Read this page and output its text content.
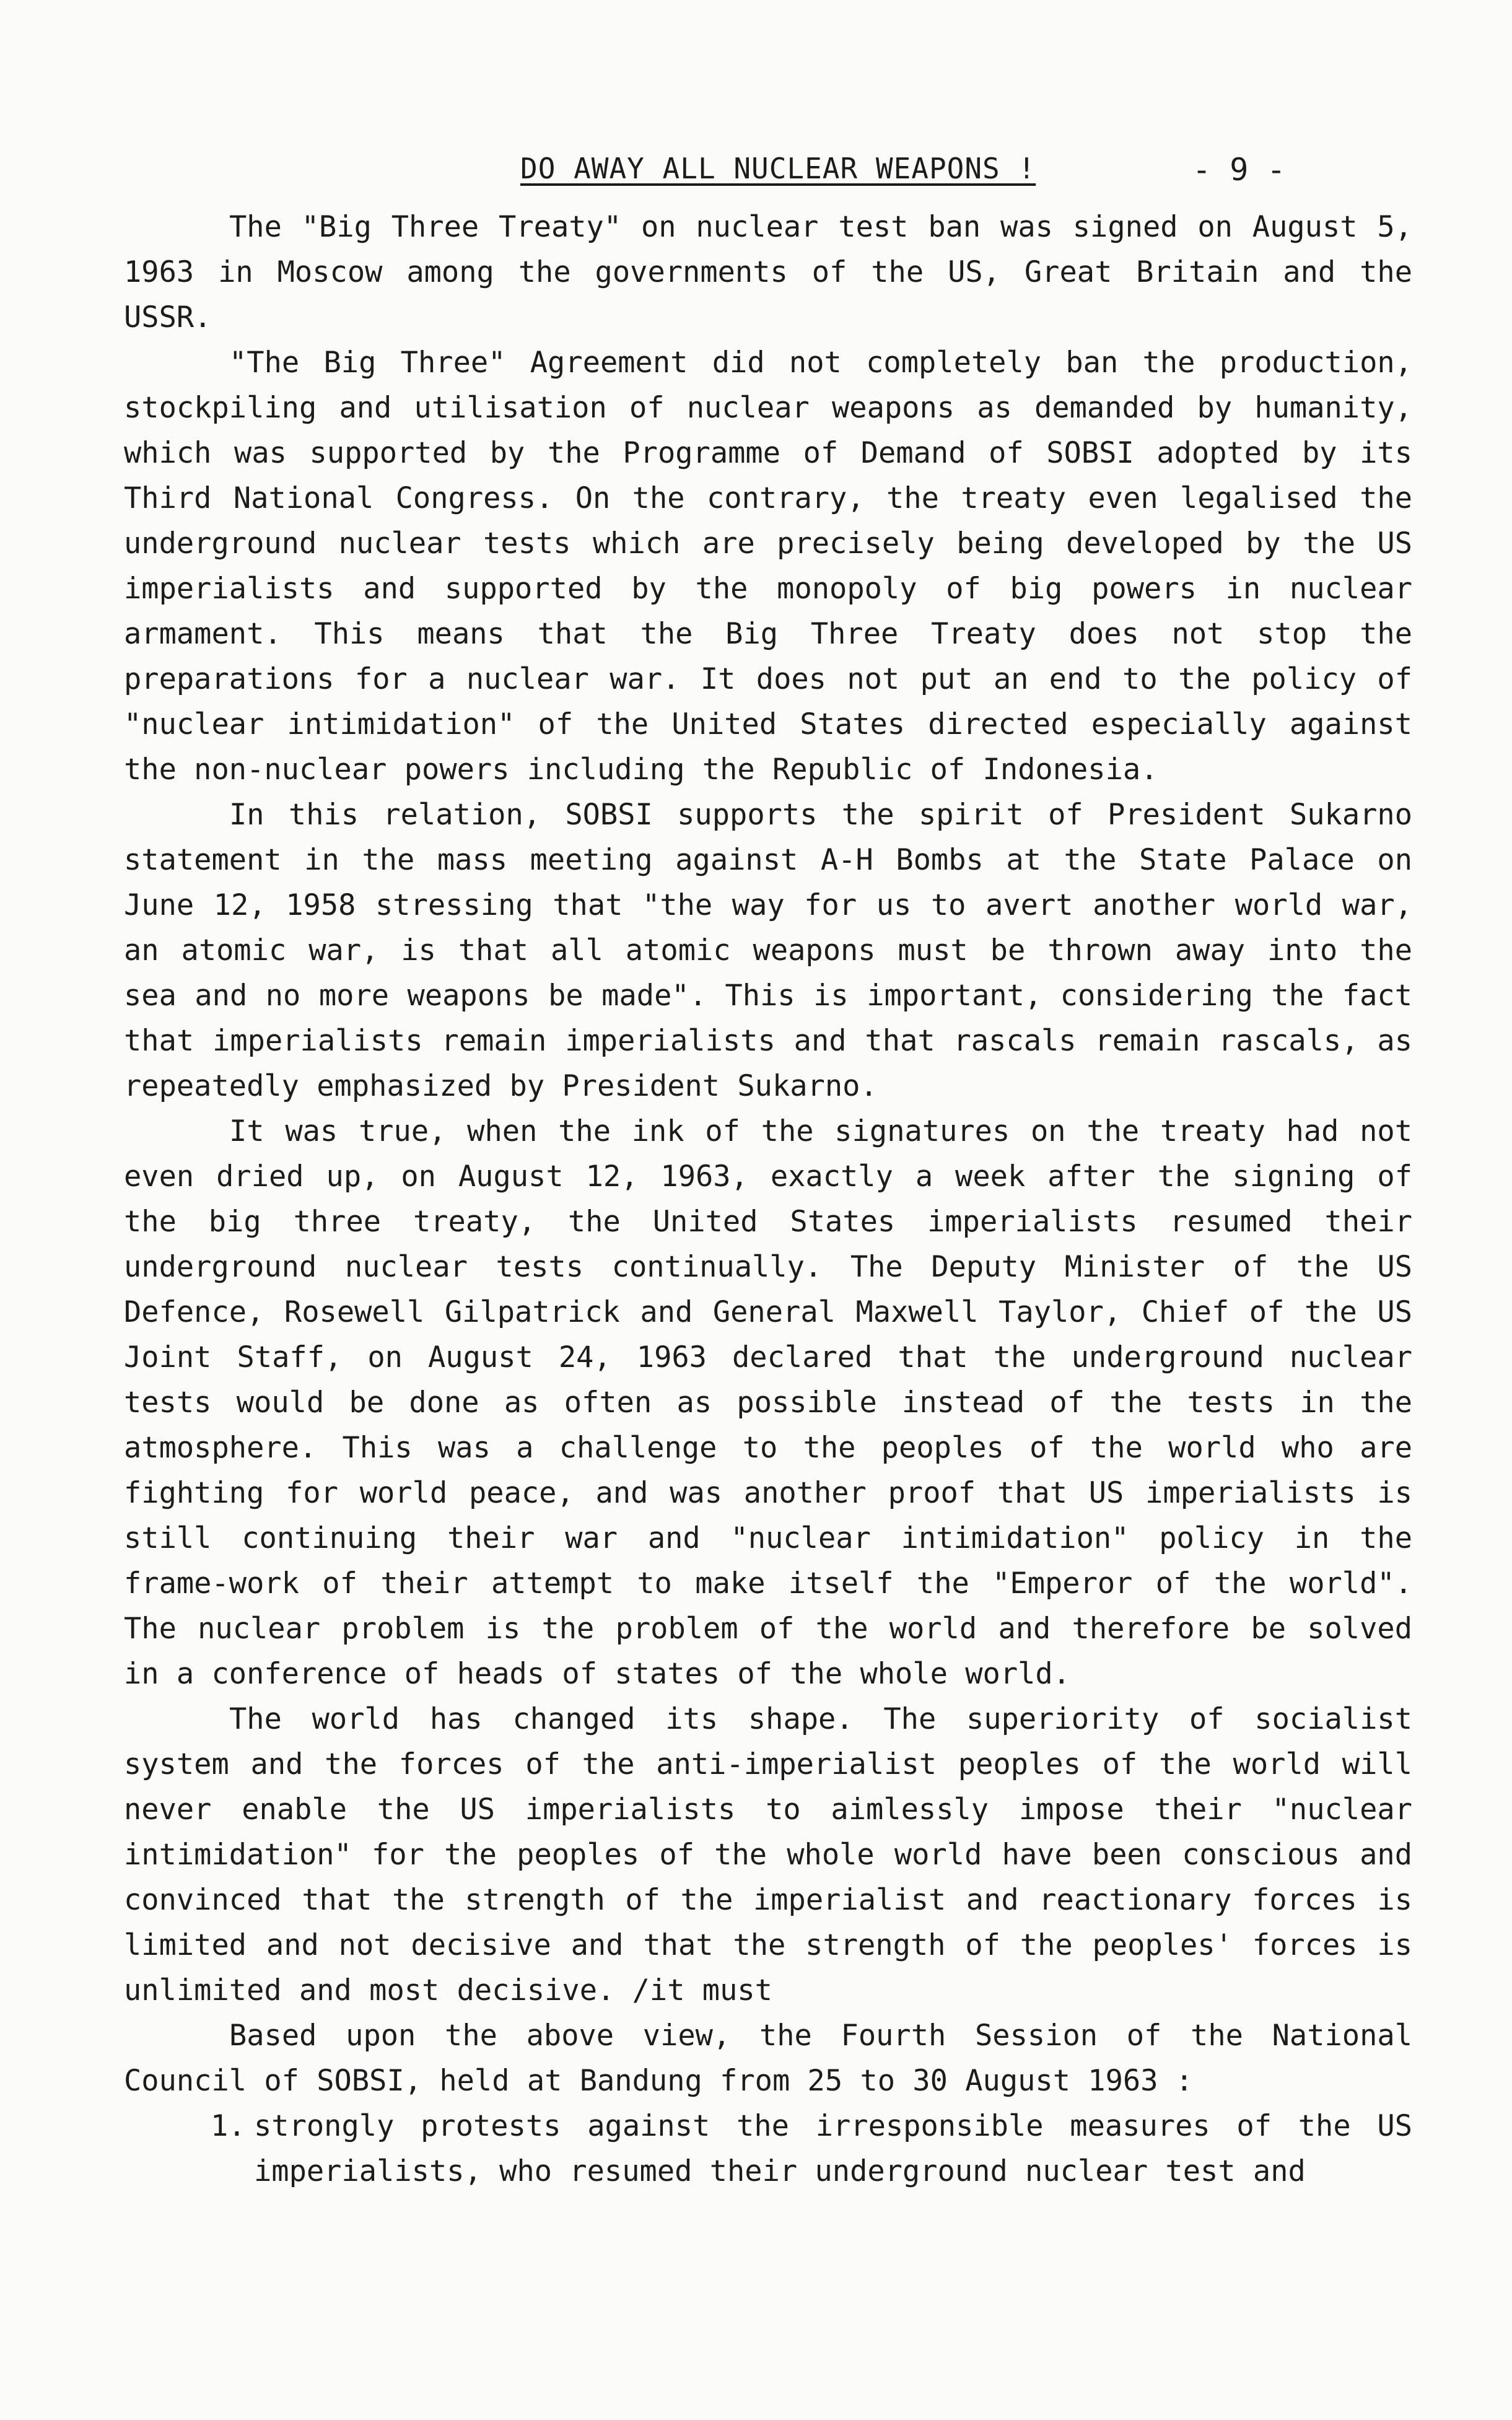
DO AWAY ALL NUCLEAR WEAPONS !	- 9 -

The "Big Three Treaty" on nuclear test ban was signed on August 5, 1963 in Moscow among the governments of the US, Great Britain and the USSR.

"The Big Three" Agreement did not completely ban the production, stockpiling and utilisation of nuclear weapons as demanded by humanity, which was supported by the Programme of Demand of SOBSI adopted by its Third National Congress. On the contrary, the treaty even legalised the underground nuclear tests which are precisely being developed by the US imperialists and supported by the monopoly of big powers in nuclear armament. This means that the Big Three Treaty does not stop the preparations for a nuclear war. It does not put an end to the policy of "nuclear intimidation" of the United States directed especially against the non-nuclear powers including the Republic of Indonesia.

In this relation, SOBSI supports the spirit of President Sukarno statement in the mass meeting against A-H Bombs at the State Palace on June 12, 1958 stressing that "the way for us to avert another world war, an atomic war, is that all atomic weapons must be thrown away into the sea and no more weapons be made". This is important, considering the fact that imperialists remain imperialists and that rascals remain rascals, as repeatedly emphasized by President Sukarno.

It was true, when the ink of the signatures on the treaty had not even dried up, on August 12, 1963, exactly a week after the signing of the big three treaty, the United States imperialists resumed their underground nuclear tests continually. The Deputy Minister of the US Defence, Rosewell Gilpatrick and General Maxwell Taylor, Chief of the US Joint Staff, on August 24, 1963 declared that the underground nuclear tests would be done as often as possible instead of the tests in the atmosphere. This was a challenge to the peoples of the world who are fighting for world peace, and was another proof that US imperialists is still continuing their war and "nuclear intimidation" policy in the frame-work of their attempt to make itself the "Emperor of the world". The nuclear problem is the problem of the world and therefore be solved in a conference of heads of states of the whole world.

The world has changed its shape. The superiority of socialist system and the forces of the anti-imperialist peoples of the world will never enable the US imperialists to aimlessly impose their "nuclear intimidation" for the peoples of the whole world have been conscious and convinced that the strength of the imperialist and reactionary forces is limited and not decisive and that the strength of the peoples' forces is unlimited and most decisive. /it must

Based upon the above view, the Fourth Session of the National Council of SOBSI, held at Bandung from 25 to 30 August 1963 :

1. strongly protests against the irresponsible measures of the US imperialists, who resumed their underground nuclear test and
